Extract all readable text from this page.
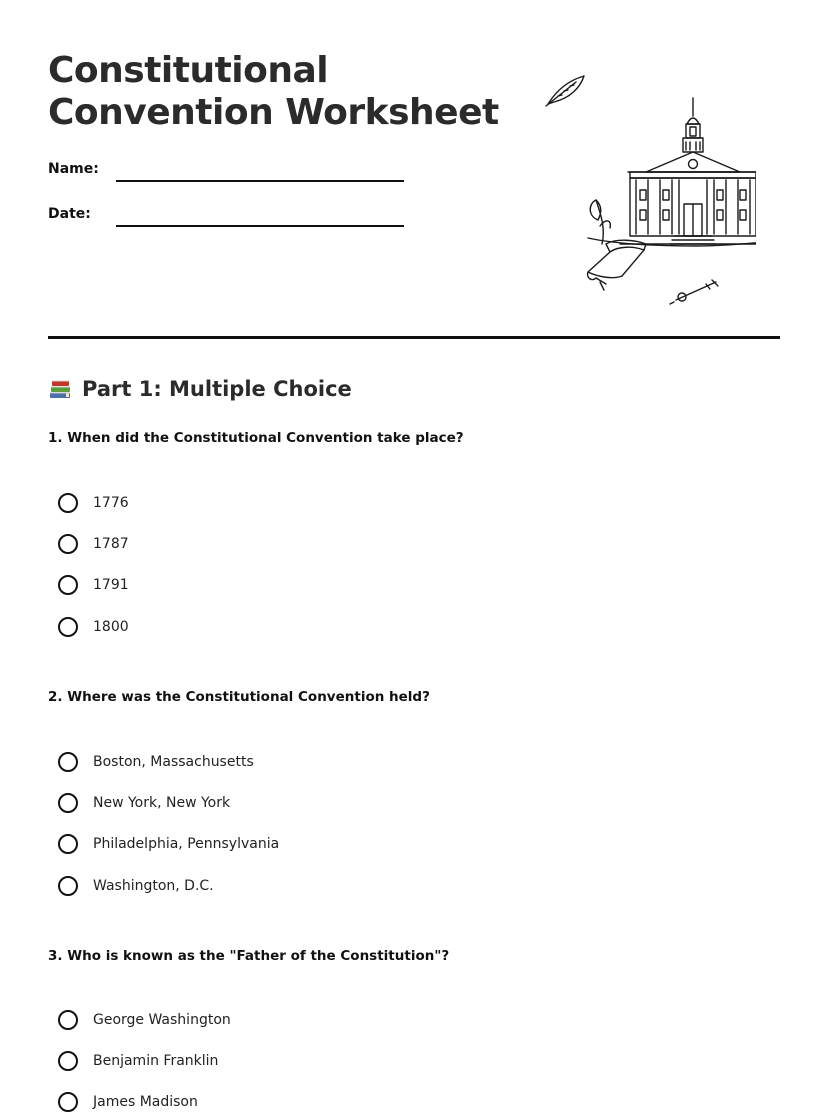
Constitutional
Convention Worksheet
Name:
Date:
Part 1: Multiple Choice
1. When did the Constitutional Convention take place?
1776
1787
1791
1800
2. Where was the Constitutional Convention held?
Boston, Massachusetts
New York, New York
Philadelphia, Pennsylvania
Washington, D.C.
3. Who is known as the "Father of the Constitution"?
George Washington
Benjamin Franklin
James Madison
